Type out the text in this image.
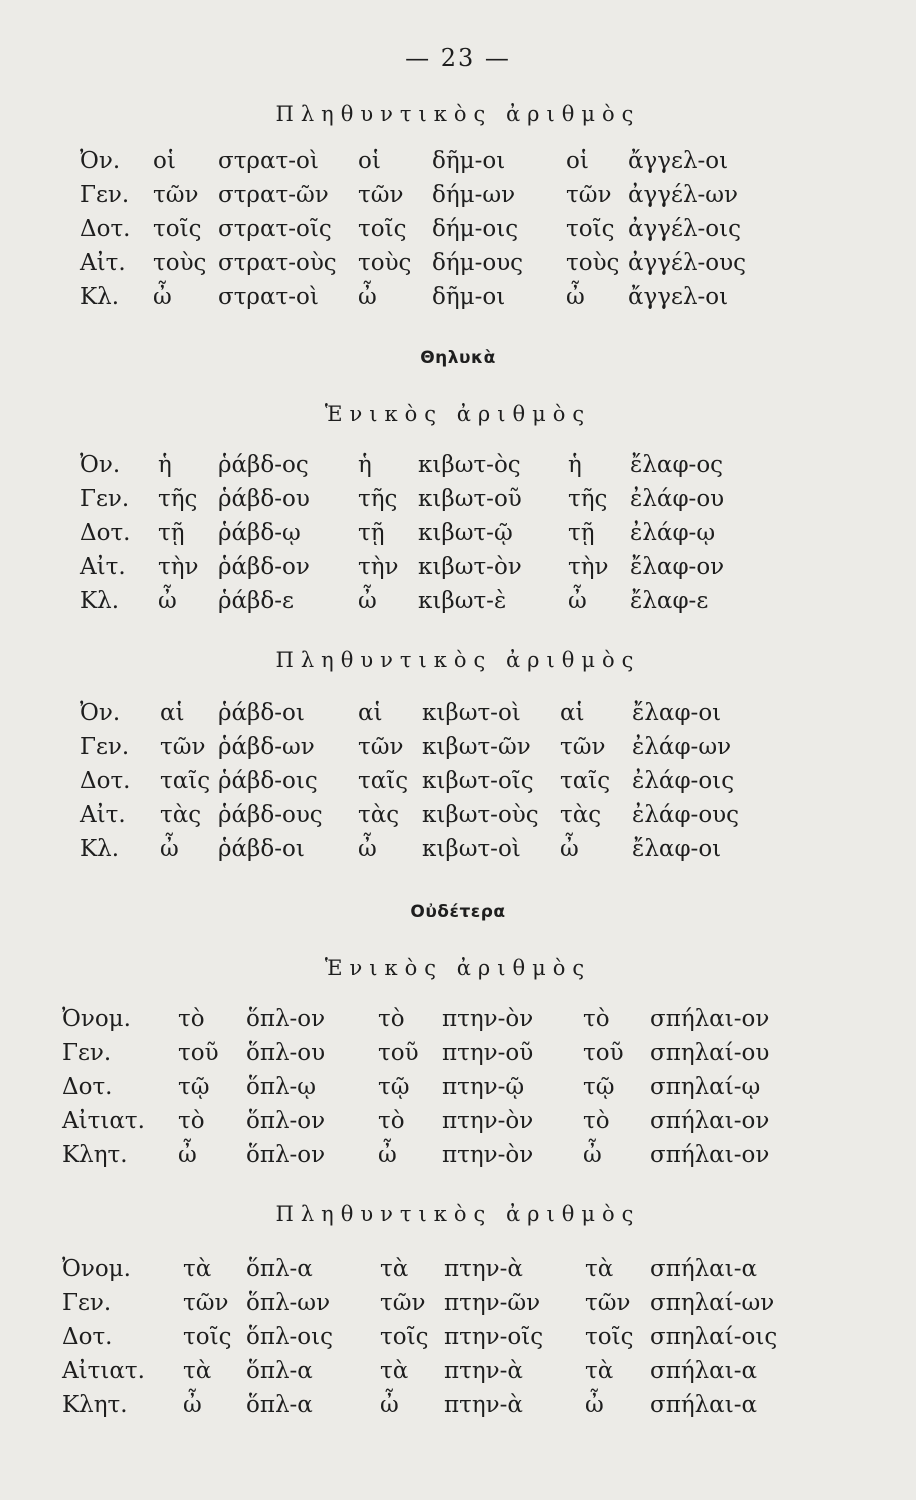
— 23 —
Πληθυντικὸς ἀριθμὸς
Ὀν. οἱ στρατ-οὶ οἱ δῆμ-οι	οἱ ἄγγελ-οι
Γεν. τῶν στρατ-ῶν τῶν δήμ-ων τῶν ἀγγέλ-ων
Δοτ. τοῖς στρατ-οῖς τοῖς δήμ-οις τοῖς ἀγγέλ-οις
Αἰτ. τοὺς στρατ-οὺς τοὺς δήμ-ους τοὺς ἀγγέλ-ους
Κλ. ὦ στρατ-οὶ ὦ δῆμ-οι	ὦ ἄγγελ-οι
Θηλυκὰ
Ἑνικὸς ἀριθμὸς
Ὀν. ἡ ῥάβδ-ος ἡ κιβωτ-ὸς ἡ ἔλαφ-ος
Γεν. τῆς ῥάβδ-ου τῆς κιβωτ-οῦ τῆς ἐλάφ-ου
Δοτ. τῇ ῥάβδ-ῳ τῇ κιβωτ-ῷ τῇ ἐλάφ-ῳ
Αἰτ. τὴν ῥάβδ-ον τὴν κιβωτ-ὸν τὴν ἔλαφ-ον
Κλ. ὦ ῥάβδ-ε	ὦ κιβωτ-ὲ	ὦ ἔλαφ-ε
Πληθυντικὸς ἀριθμὸς
Ὀν. αἱ ῥάβδ-οι αἱ κιβωτ-οὶ αἱ ἔλαφ-οι
Γεν. τῶν ῥάβδ-ων τῶν κιβωτ-ῶν τῶν ἐλάφ-ων
Δοτ. ταῖς ῥάβδ-οις ταῖς κιβωτ-οῖς ταῖς ἐλάφ-οις
Αἰτ. τὰς ῥάβδ-ους τὰς κιβωτ-οὺς τὰς ἐλάφ-ους
Κλ. ὦ ῥάβδ-οι ὦ κιβωτ-οὶ ὦ ἔλαφ-οι
Οὐδέτερα
Ἑνικὸς ἀριθμὸς
Ὀνομ. τὸ ὅπλ-ον τὸ πτην-ὸν τὸ σπήλαι-ον
Γεν.	τοῦ ὅπλ-ου τοῦ πτην-οῦ τοῦ σπηλαί-ου
Δοτ.	τῷ ὅπλ-ῳ	τῷ πτην-ῷ	τῷ σπηλαί-ῳ
Αἰτιατ. τὸ ὅπλ-ον τὸ πτην-ὸν τὸ σπήλαι-ον
Κλητ. ὦ ὅπλ-ον ὦ πτην-ὸν ὦ σπήλαι-ον
Πληθυντικὸς ἀριθμὸς
Ὀνομ. τὰ ὅπλ-α	τὰ πτην-ὰ	τὰ σπήλαι-α
Γεν.	τῶν ὅπλ-ων τῶν πτην-ῶν τῶν σπηλαί-ων
Δοτ.	τοῖς ὅπλ-οις τοῖς πτην-οῖς τοῖς σπηλαί-οις
Αἰτιατ. τὰ ὅπλ-α	τὰ πτην-ὰ	τὰ σπήλαι-α
Κλητ. ὦ ὅπλ-α	ὦ πτην-ὰ	ὦ σπήλαι-α
